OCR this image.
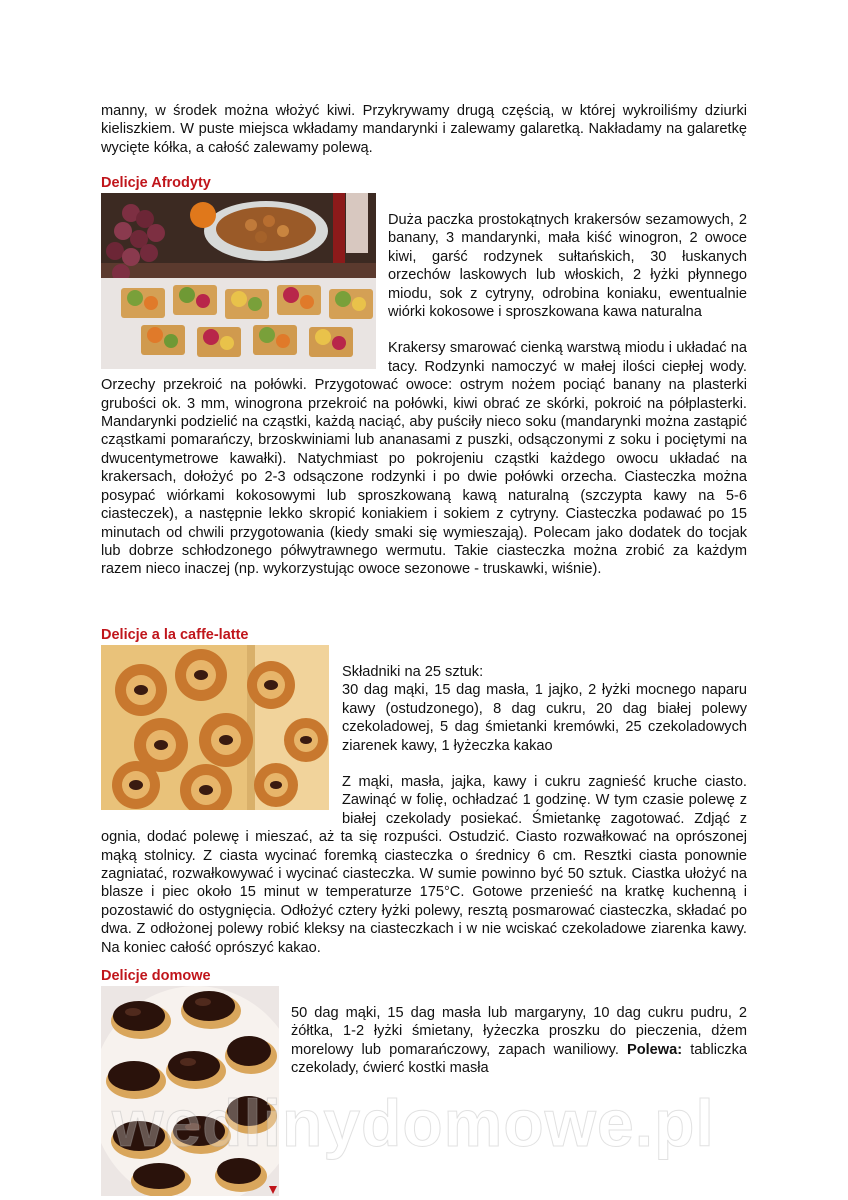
manny, w środek można włożyć kiwi. Przykrywamy drugą częścią, w której wykroiliśmy dziurki kieliszkiem. W puste miejsca wkładamy mandarynki i zalewamy galaretką. Nakładamy na galaretkę wycięte kółka, a całość zalewamy polewą.

Delicje Afrodyty

Duża paczka prostokątnych krakersów sezamowych, 2 banany, 3 mandarynki, mała kiść winogron, 2 owoce kiwi, garść rodzynek sułtańskich, 30 łuskanych orzechów laskowych lub włoskich, 2 łyżki płynnego miodu, sok z cytryny, odrobina koniaku, ewentualnie wiórki kokosowe i sproszkowana kawa naturalna

Krakersy smarować cienką warstwą miodu i układać na tacy. Rodzynki namoczyć w małej ilości ciepłej wody. Orzechy przekroić na połówki. Przygotować owoce: ostrym nożem pociąć banany na plasterki grubości ok. 3 mm, winogrona przekroić na połówki, kiwi obrać ze skórki, pokroić na półplasterki. Mandarynki podzielić na cząstki, każdą naciąć, aby puściły nieco soku (mandarynki można zastąpić cząstkami pomarańczy, brzoskwiniami lub ananasami z puszki, odsączonymi z soku i pociętymi na dwucentymetrowe kawałki). Natychmiast po pokrojeniu cząstki każdego owocu układać na krakersach, dołożyć po 2-3 odsączone rodzynki i po dwie połówki orzecha. Ciasteczka można posypać wiórkami kokosowymi lub sproszkowaną kawą naturalną (szczypta kawy na 5-6 ciasteczek), a następnie lekko skropić koniakiem i sokiem z cytryny. Ciasteczka podawać po 15 minutach od chwili przygotowania (kiedy smaki się wymieszają). Polecam jako dodatek do tocjak lub dobrze schłodzonego półwytrawnego wermutu. Takie ciasteczka można zrobić za każdym razem nieco inaczej (np. wykorzystując owoce sezonowe - truskawki, wiśnie).

Delicje a la caffe-latte

Składniki na 25 sztuk:

30 dag mąki, 15 dag masła, 1 jajko, 2 łyżki mocnego naparu kawy (ostudzonego), 8 dag cukru, 20 dag białej polewy czekoladowej, 5 dag śmietanki kremówki, 25 czekoladowych ziarenek kawy, 1 łyżeczka kakao

Z mąki, masła, jajka, kawy i cukru zagnieść kruche ciasto. Zawinąć w folię, ochładzać 1 godzinę. W tym czasie polewę z białej czekolady posiekać. Śmietankę zagotować. Zdjąć z ognia, dodać polewę i mieszać, aż ta się rozpuści. Ostudzić. Ciasto rozwałkować na oprószonej mąką stolnicy. Z ciasta wycinać foremką ciasteczka o średnicy 6 cm. Resztki ciasta ponownie zagniatać, rozwałkowywać i wycinać ciasteczka. W sumie powinno być 50 sztuk. Ciastka ułożyć na blasze i piec około 15 minut w temperaturze 175°C. Gotowe przenieść na kratkę kuchenną i pozostawić do ostygnięcia. Odłożyć cztery łyżki polewy, resztą posmarować ciasteczka, składać po dwa. Z odłożonej polewy robić kleksy na ciasteczkach i w nie wciskać czekoladowe ziarenka kawy. Na koniec całość oprószyć kakao.

Delicje domowe

50 dag mąki, 15 dag masła lub margaryny, 10 dag cukru pudru, 2 żółtka, 1-2 łyżki śmietany, łyżeczka proszku do pieczenia, dżem morelowy lub pomarańczowy, zapach waniliowy. Polewa: tabliczka czekolady, ćwierć kostki masła

wedlinydomowe.pl
